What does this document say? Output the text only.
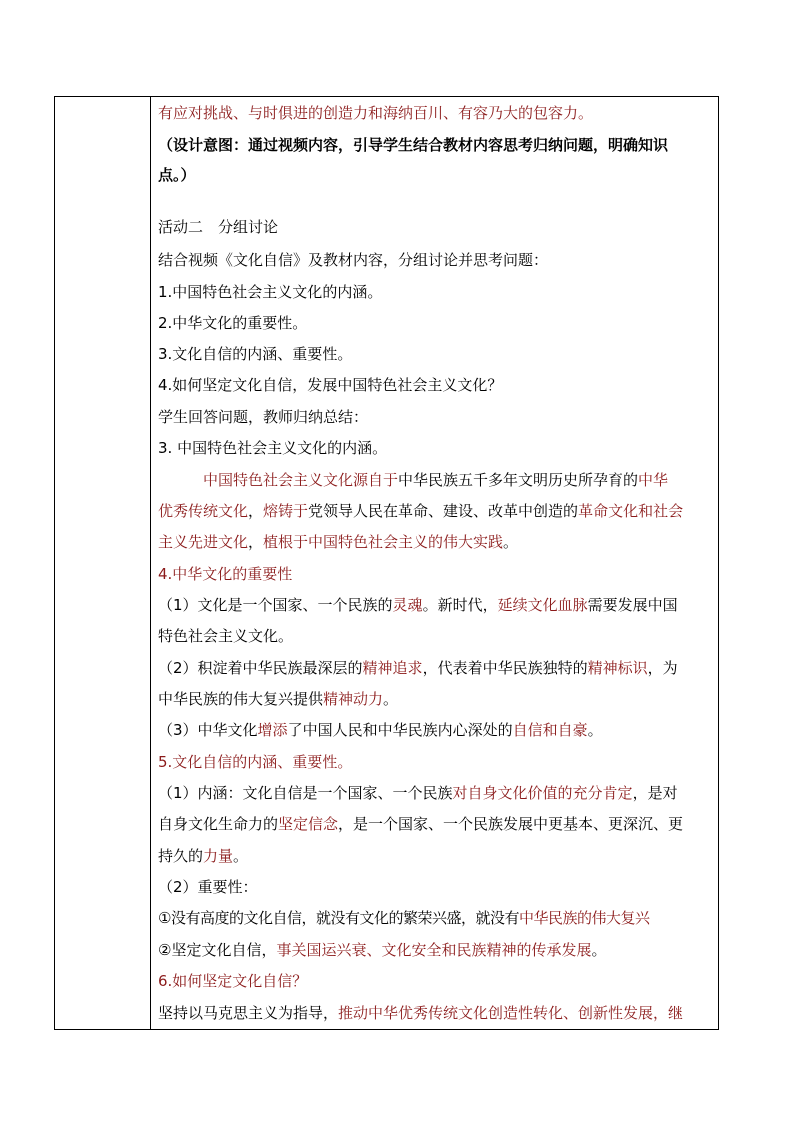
有应对挑战、与时俱进的创造力和海纳百川、有容乃大的包容力。
（设计意图：通过视频内容，引导学生结合教材内容思考归纳问题，明确知识
点。）
活动二　分组讨论
结合视频《文化自信》及教材内容，分组讨论并思考问题：
1.中国特色社会主义文化的内涵。
2.中华文化的重要性。
3.文化自信的内涵、重要性。
4.如何坚定文化自信，发展中国特色社会主义文化？
学生回答问题，教师归纳总结：
3. 中国特色社会主义文化的内涵。
中国特色社会主义文化源自于中华民族五千多年文明历史所孕育的中华
优秀传统文化，熔铸于党领导人民在革命、建设、改革中创造的革命文化和社会
主义先进文化，植根于中国特色社会主义的伟大实践。
4.中华文化的重要性
（1）文化是一个国家、一个民族的灵魂。新时代，延续文化血脉需要发展中国
特色社会主义文化。
（2）积淀着中华民族最深层的精神追求，代表着中华民族独特的精神标识，为
中华民族的伟大复兴提供精神动力。
（3）中华文化增添了中国人民和中华民族内心深处的自信和自豪。
5.文化自信的内涵、重要性。
（1）内涵：文化自信是一个国家、一个民族对自身文化价值的充分肯定，是对
自身文化生命力的坚定信念，是一个国家、一个民族发展中更基本、更深沉、更
持久的力量。
（2）重要性：
①没有高度的文化自信，就没有文化的繁荣兴盛，就没有中华民族的伟大复兴
②坚定文化自信，事关国运兴衰、文化安全和民族精神的传承发展。
6.如何坚定文化自信？
坚持以马克思主义为指导，推动中华优秀传统文化创造性转化、创新性发展，继
